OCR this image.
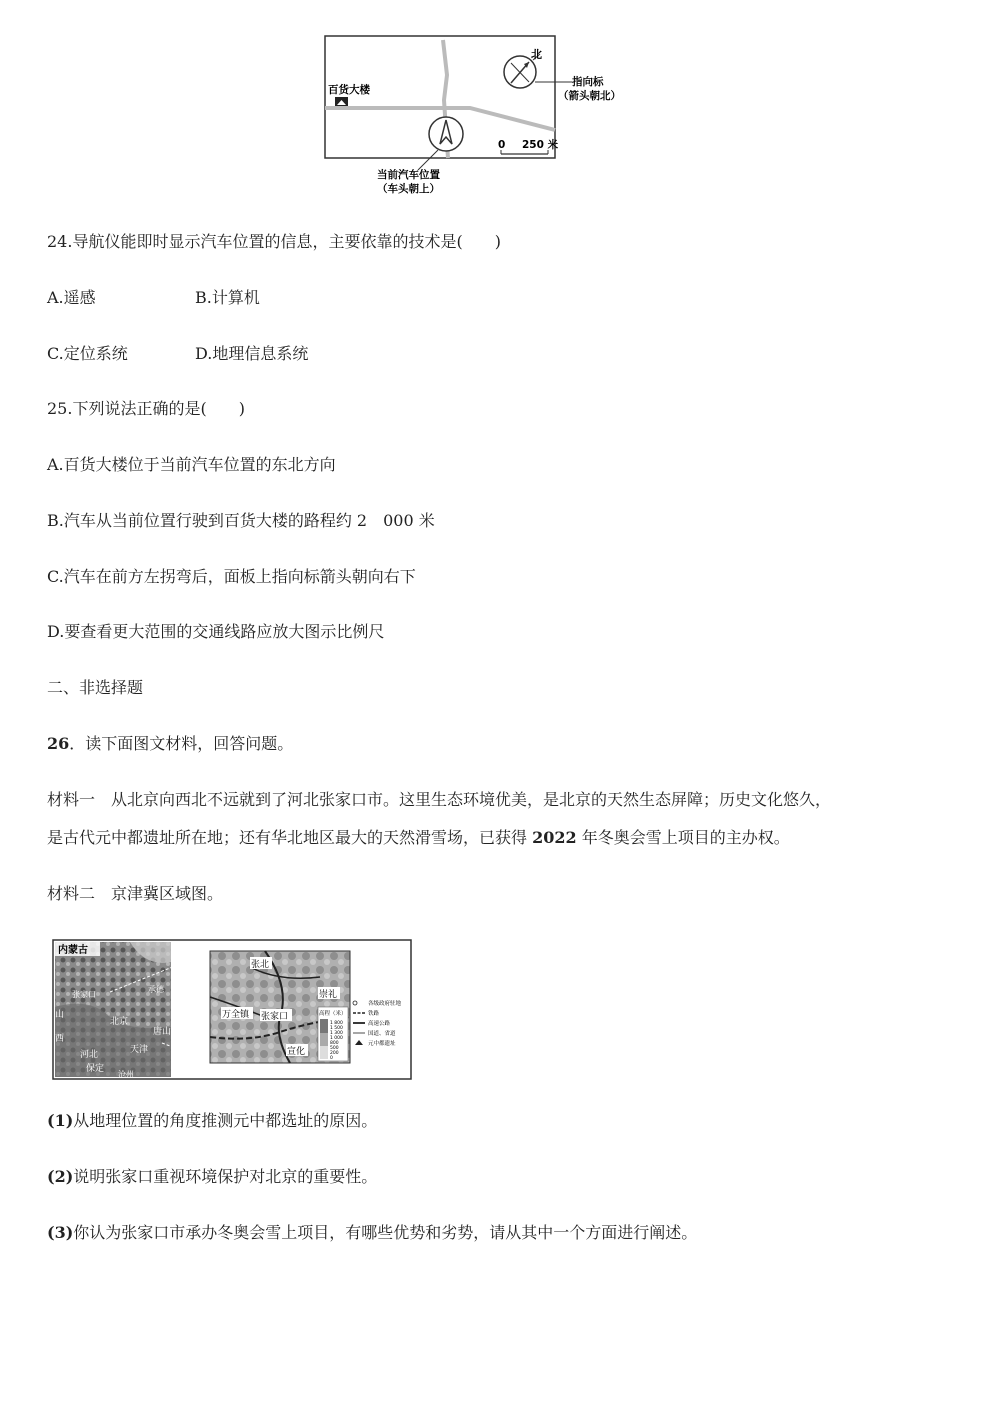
北
指向标
（箭头朝北）
百货大楼
0 250 米
当前汽车位置
（车头朝上）
24.导航仪能即时显示汽车位置的信息，主要依靠的技术是(　　)
A.遥感	B.计算机
C.定位系统	D.地理信息系统
25.下列说法正确的是(　　)
A.百货大楼位于当前汽车位置的东北方向
B.汽车从当前位置行驶到百货大楼的路程约 2　000 米
C.汽车在前方左拐弯后，面板上指向标箭头朝向右下
D.要查看更大范围的交通线路应放大图示比例尺
二、非选择题
26．读下面图文材料，回答问题。
材料一　从北京向西北不远就到了河北张家口市。这里生态环境优美，是北京的天然生态屏障；历史文化悠久，
是古代元中都遗址所在地；还有华北地区最大的天然滑雪场，已获得 2022 年冬奥会雪上项目的主办权。
材料二　京津冀区域图。
内蒙古
张家口
承德
山
西
北京
唐山
天津
河北
保定
沧州
张北
崇礼
万全镇 张家口
宣化
高程（米）
1 800
1 500
1 300
1 000
800
500
200
0
各级政府驻地
铁路
高速公路
国道、省道
元中都遗址
(1)从地理位置的角度推测元中都选址的原因。
(2)说明张家口重视环境保护对北京的重要性。
(3)你认为张家口市承办冬奥会雪上项目，有哪些优势和劣势，请从其中一个方面进行阐述。
